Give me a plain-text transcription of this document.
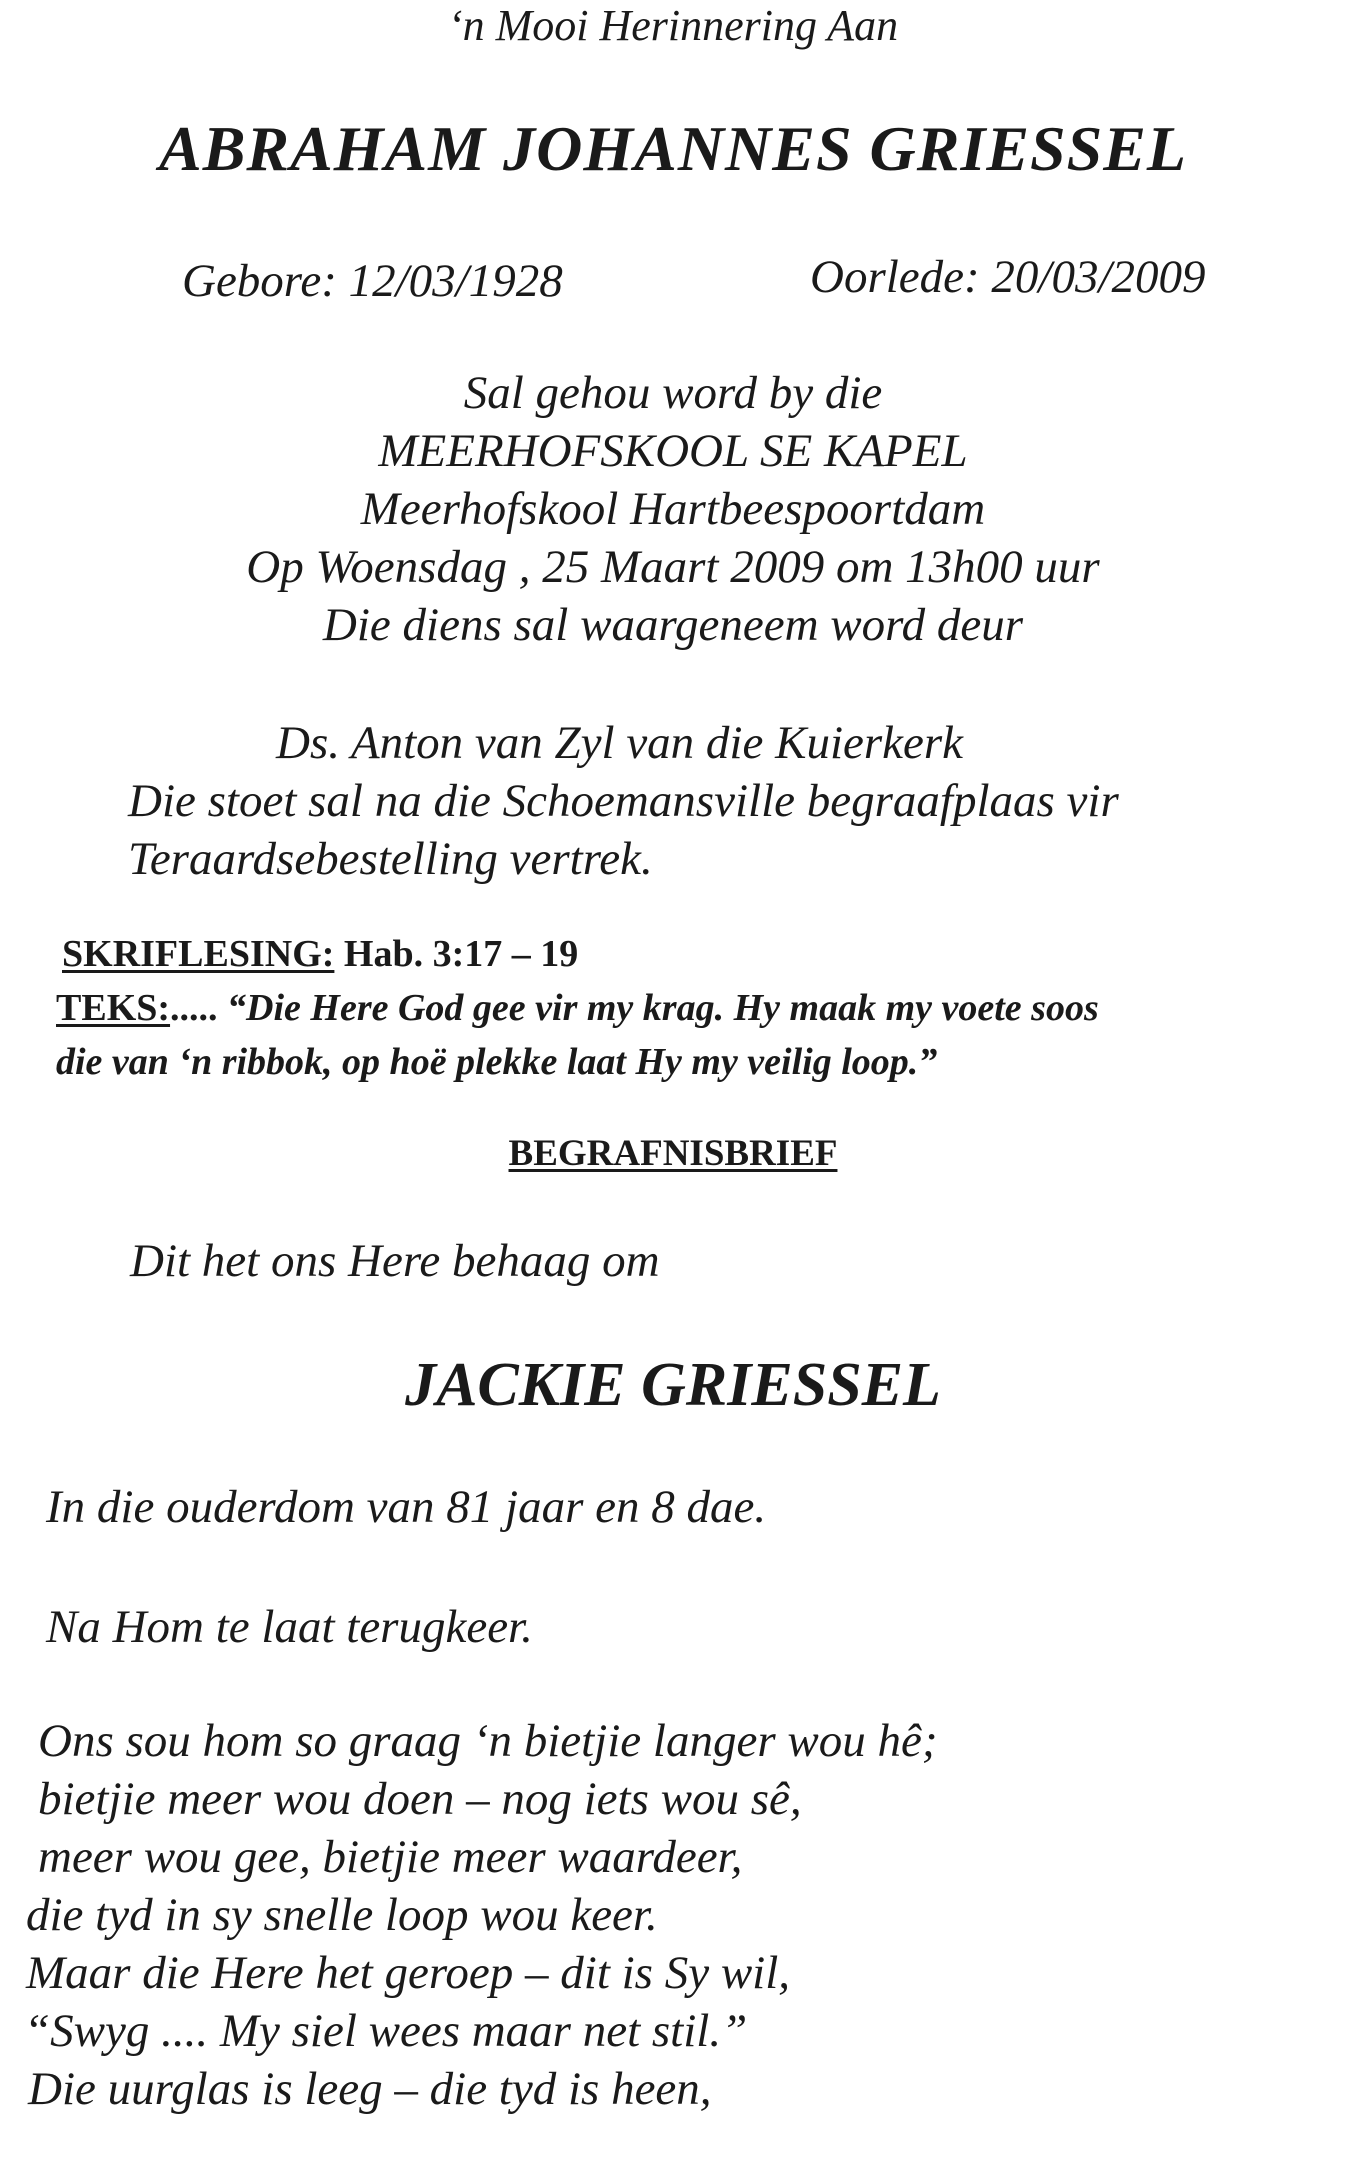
‘n Mooi Herinnering Aan
ABRAHAM JOHANNES GRIESSEL
Gebore: 12/03/1928	Oorlede: 20/03/2009
Sal gehou word by die
MEERHOFSKOOL SE KAPEL
Meerhofskool Hartbeespoortdam
Op Woensdag , 25 Maart 2009 om 13h00 uur
Die diens sal waargeneem word deur
Ds. Anton van Zyl van die Kuierkerk
Die stoet sal na die Schoemansville begraafplaas vir
Teraardsebestelling vertrek.
SKRIFLESING: Hab. 3:17 – 19
TEKS:..... “Die Here God gee vir my krag. Hy maak my voete soos
die van ‘n ribbok, op hoë plekke laat Hy my veilig loop.”
BEGRAFNISBRIEF
Dit het ons Here behaag om
JACKIE GRIESSEL
In die ouderdom van 81 jaar en 8 dae.
Na Hom te laat terugkeer.
Ons sou hom so graag ‘n bietjie langer wou hê;
bietjie meer wou doen – nog iets wou sê,
meer wou gee, bietjie meer waardeer,
die tyd in sy snelle loop wou keer.
Maar die Here het geroep – dit is Sy wil,
“Swyg .... My siel wees maar net stil.”
Die uurglas is leeg – die tyd is heen,
